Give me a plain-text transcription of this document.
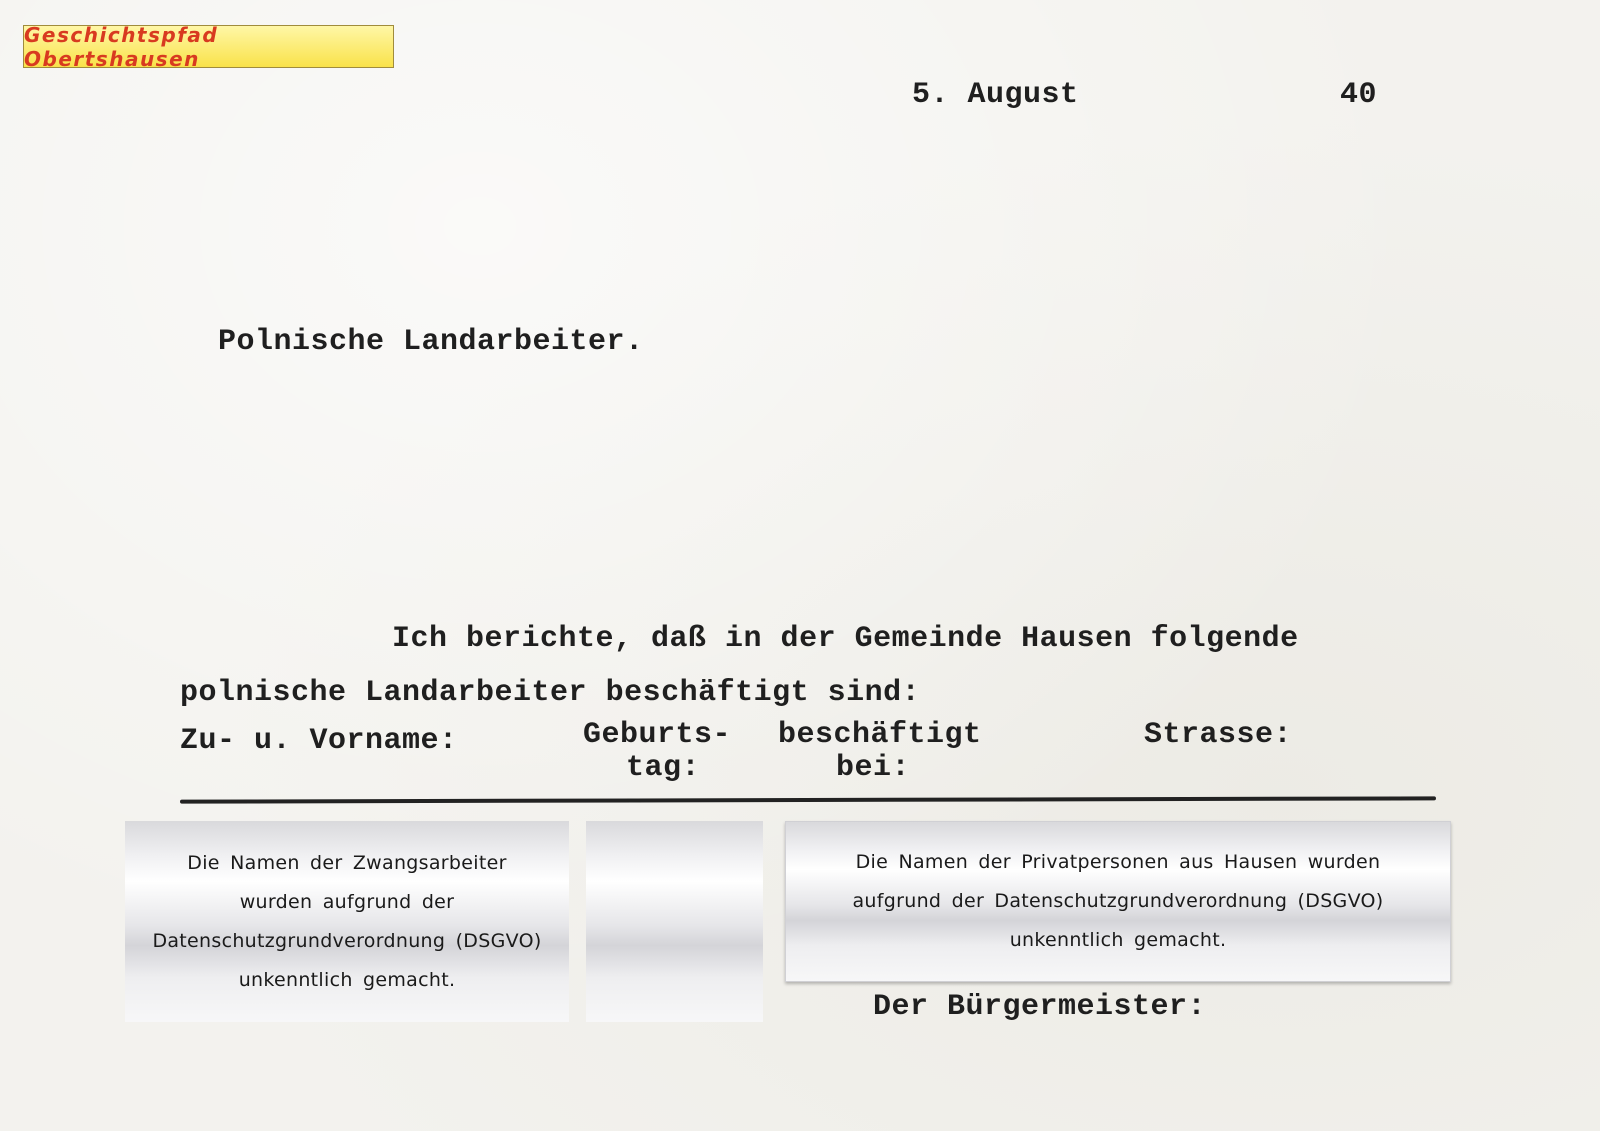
Geschichtspfad Obertshausen
5. August	40
Polnische Landarbeiter.
Ich berichte, daß in der Gemeinde Hausen folgende
polnische Landarbeiter beschäftigt sind:
Zu- u. Vorname:	Geburts-
tag:
beschäftigt
bei:
Strasse:

Die Namen der Zwangsarbeiter wurden aufgrund der Datenschutzgrundverordnung (DSGVO) unkenntlich gemacht.

Die Namen der Privatpersonen aus Hausen wurden aufgrund der Datenschutzgrundverordnung (DSGVO) unkenntlich gemacht.

Der Bürgermeister:
